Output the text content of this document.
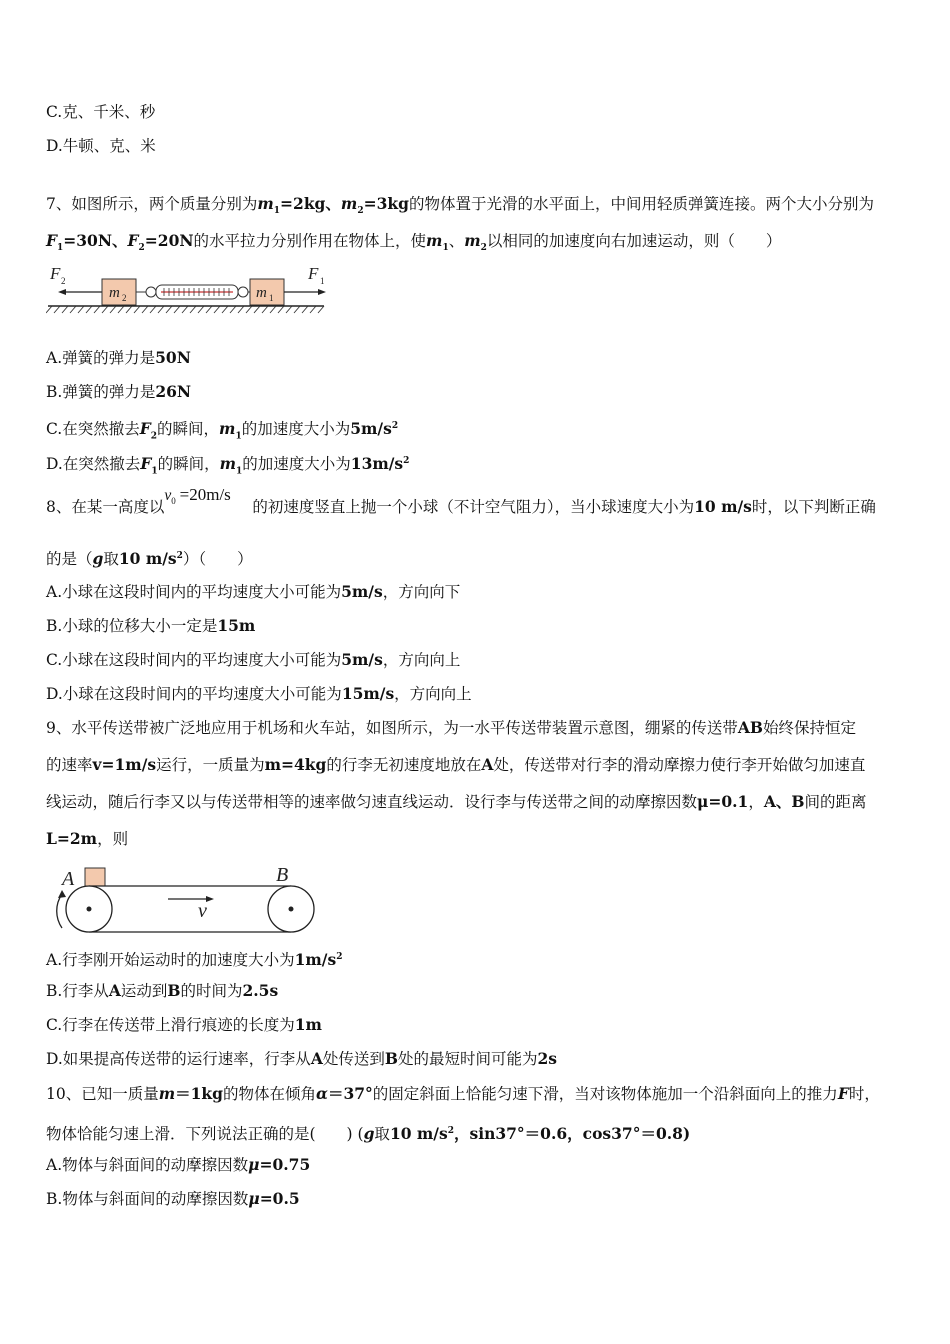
C.克、千米、秒
D.牛顿、克、米
7、如图所示，两个质量分别为$m_1=2kg$、$m_2=3kg$的物体置于光滑的水平面上，中间用轻质弹簧连接。两个大小分别为
$F_1=30N$、$F_2=20N$的水平拉力分别作用在物体上，使$m_1$、$m_2$以相同的加速度向右加速运动，则（　　）
F 2
m 2	m 1
F 1
A.弹簧的弹力是50N
B.弹簧的弹力是26N
C.在突然撤去$F_2$的瞬间，$m_1$的加速度大小为$5m/s^2$
D.在突然撤去$F_1$的瞬间，$m_1$的加速度大小为$13m/s^2$
8、在某一高度以$v_0 =20m/s$的初速度竖直上抛一个小球（不计空气阻力），当小球速度大小为10 m/s时，以下判断正确
的是（g取10 $m/s^2$）（　　）
A.小球在这段时间内的平均速度大小可能为5m/s，方向向下
B.小球的位移大小一定是15m
C.小球在这段时间内的平均速度大小可能为5m/s，方向向上
D.小球在这段时间内的平均速度大小可能为15m/s，方向向上
9、水平传送带被广泛地应用于机场和火车站，如图所示，为一水平传送带装置示意图，绷紧的传送带AB始终保持恒定
的速率v=1m/s运行，一质量为m=4kg的行李无初速度地放在A处，传送带对行李的滑动摩擦力使行李开始做匀加速直
线运动，随后行李又以与传送带相等的速率做匀速直线运动．设行李与传送带之间的动摩擦因数μ=0.1，A、B间的距离
L=2m，则
A	B
v
A.行李刚开始运动时的加速度大小为$1m/s^2$
B.行李从A运动到B的时间为2.5s
C.行李在传送带上滑行痕迹的长度为1m
D.如果提高传送带的运行速率，行李从A处传送到B处的最短时间可能为2s
10、已知一质量m＝1kg的物体在倾角α＝37°的固定斜面上恰能匀速下滑，当对该物体施加一个沿斜面向上的推力F时，
物体恰能匀速上滑．下列说法正确的是(　　) (g取10 $m/s^2$，sin37°＝0.6，cos37°＝0.8)
A.物体与斜面间的动摩擦因数μ=0.75
B.物体与斜面间的动摩擦因数μ=0.5
